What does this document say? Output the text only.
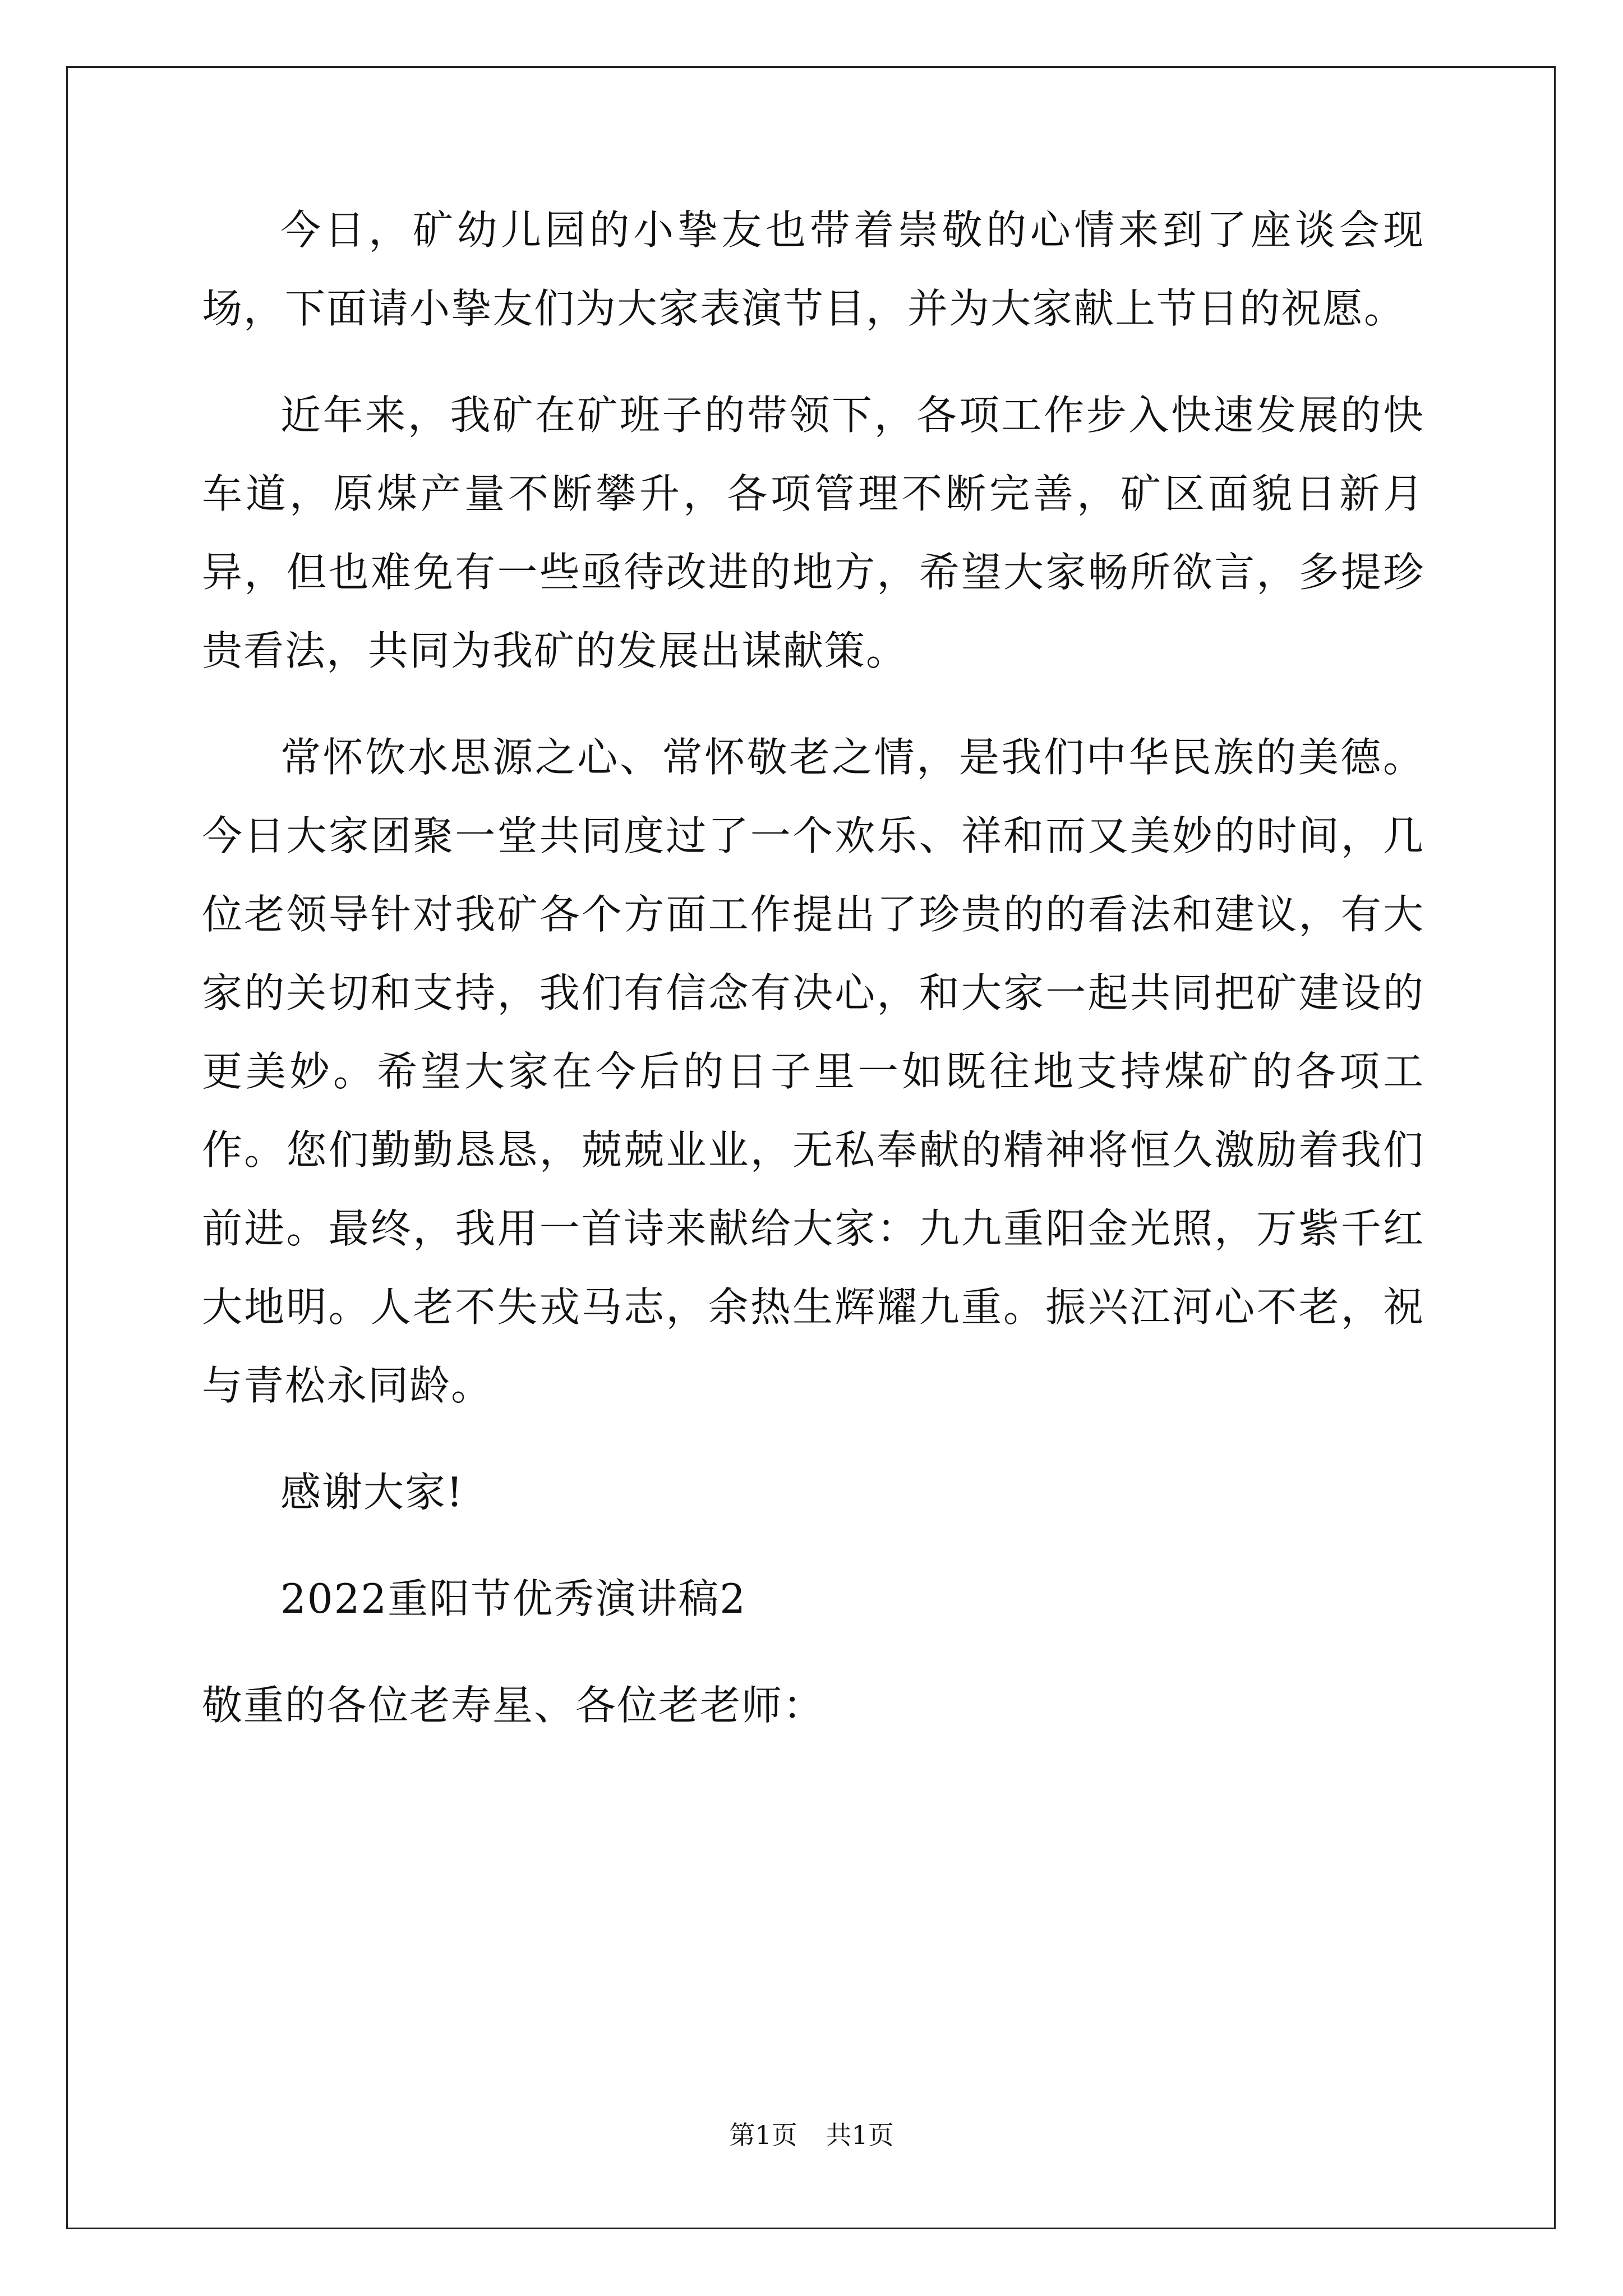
今日，矿幼儿园的小挚友也带着崇敬的心情来到了座谈会现场，下面请小挚友们为大家表演节目，并为大家献上节日的祝愿。

近年来，我矿在矿班子的带领下，各项工作步入快速发展的快车道，原煤产量不断攀升，各项管理不断完善，矿区面貌日新月异，但也难免有一些亟待改进的地方，希望大家畅所欲言，多提珍贵看法，共同为我矿的发展出谋献策。

常怀饮水思源之心、常怀敬老之情，是我们中华民族的美德。今日大家团聚一堂共同度过了一个欢乐、祥和而又美妙的时间，几位老领导针对我矿各个方面工作提出了珍贵的的看法和建议，有大家的关切和支持，我们有信念有决心，和大家一起共同把矿建设的更美妙。希望大家在今后的日子里一如既往地支持煤矿的各项工作。您们勤勤恳恳，兢兢业业，无私奉献的精神将恒久激励着我们前进。最终，我用一首诗来献给大家：九九重阳金光照，万紫千红大地明。人老不失戎马志，余热生辉耀九重。振兴江河心不老，祝与青松永同龄。

感谢大家!

2022重阳节优秀演讲稿2

敬重的各位老寿星、各位老老师：

第1页 共1页
